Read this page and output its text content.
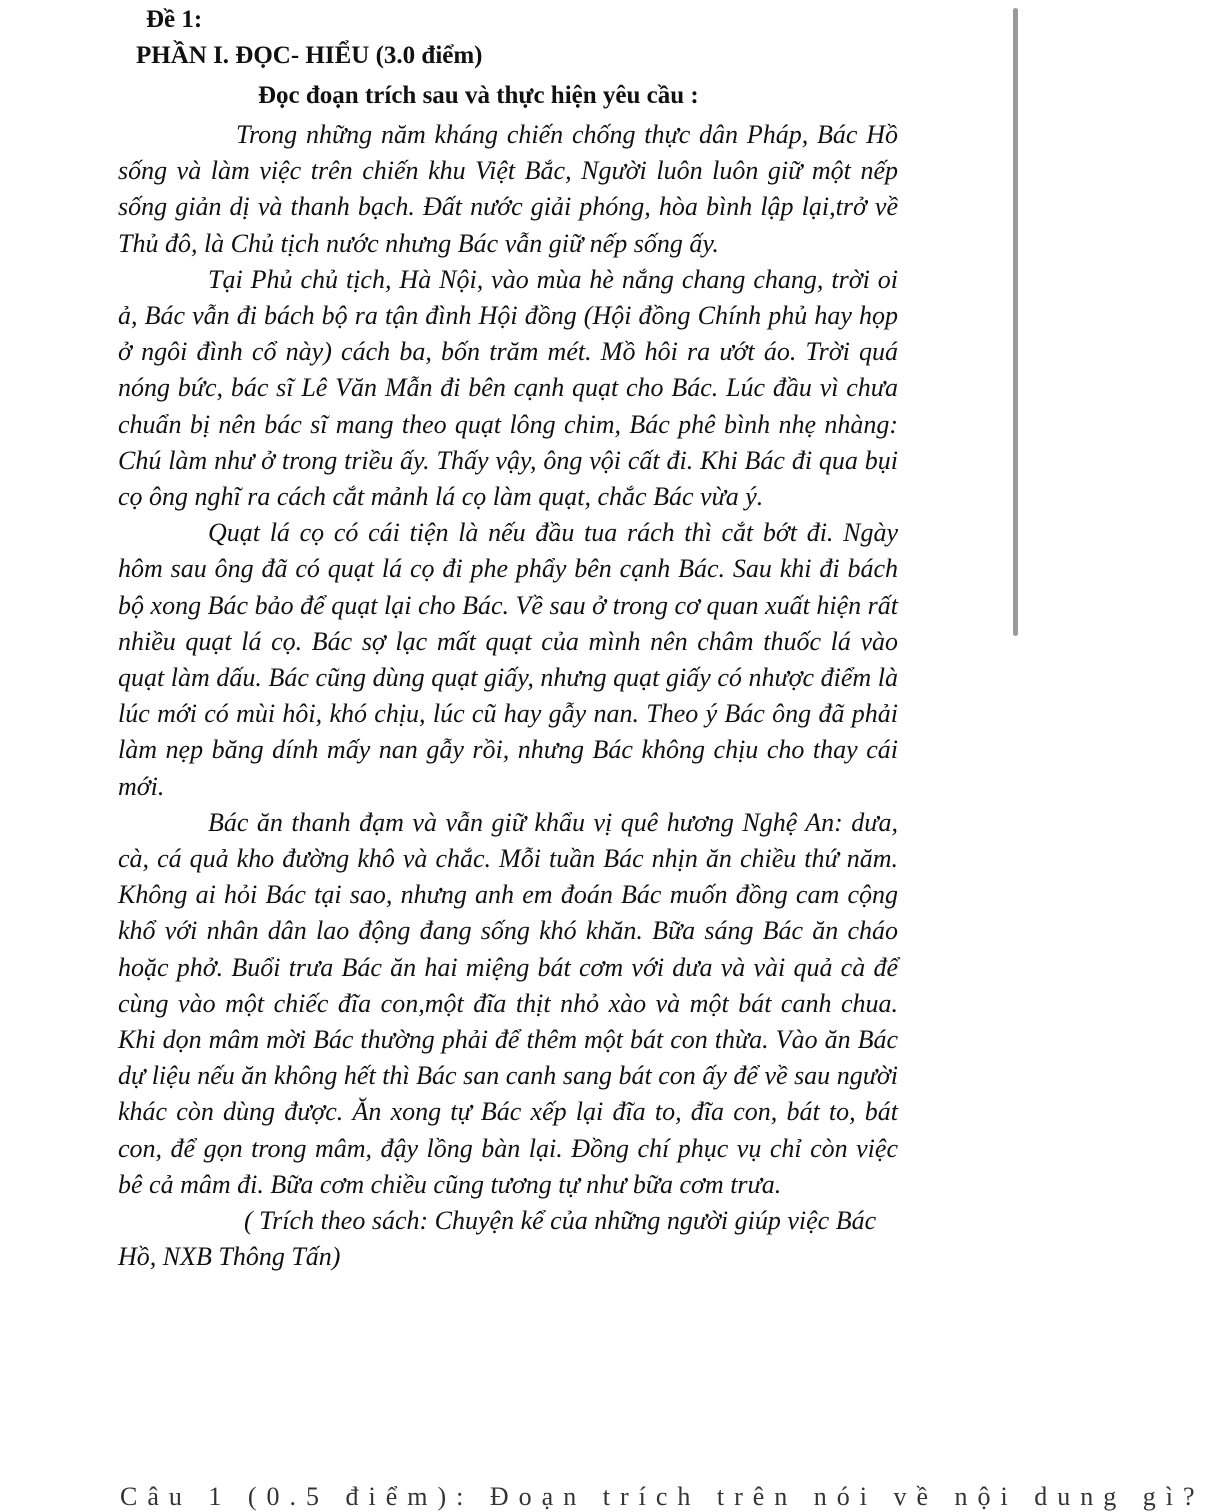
Đề 1:

PHẦN I. ĐỌC- HIỂU (3.0 điểm)

Đọc đoạn trích sau và thực hiện yêu cầu :

Trong những năm kháng chiến chống thực dân Pháp, Bác Hồ sống và làm việc trên chiến khu Việt Bắc, Người luôn luôn giữ một nếp sống giản dị và thanh bạch. Đất nước giải phóng, hòa bình lập lại,trở về Thủ đô, là Chủ tịch nước nhưng Bác vẫn giữ nếp sống ấy.

Tại Phủ chủ tịch, Hà Nội, vào mùa hè nắng chang chang, trời oi ả, Bác vẫn đi bách bộ ra tận đình Hội đồng (Hội đồng Chính phủ hay họp ở ngôi đình cổ này) cách ba, bốn trăm mét. Mồ hôi ra ướt áo. Trời quá nóng bức, bác sĩ Lê Văn Mẫn đi bên cạnh quạt cho Bác. Lúc đầu vì chưa chuẩn bị nên bác sĩ mang theo quạt lông chim, Bác phê bình nhẹ nhàng: Chú làm như ở trong triều ấy. Thấy vậy, ông vội cất đi. Khi Bác đi qua bụi cọ ông nghĩ ra cách cắt mảnh lá cọ làm quạt, chắc Bác vừa ý.

Quạt lá cọ có cái tiện là nếu đầu tua rách thì cắt bớt đi. Ngày hôm sau ông đã có quạt lá cọ đi phe phẩy bên cạnh Bác. Sau khi đi bách bộ xong Bác bảo để quạt lại cho Bác. Về sau ở trong cơ quan xuất hiện rất nhiều quạt lá cọ. Bác sợ lạc mất quạt của mình nên châm thuốc lá vào quạt làm dấu. Bác cũng dùng quạt giấy, nhưng quạt giấy có nhược điểm là lúc mới có mùi hôi, khó chịu, lúc cũ hay gẫy nan. Theo ý Bác ông đã phải làm nẹp băng dính mấy nan gẫy rồi, nhưng Bác không chịu cho thay cái mới.

Bác ăn thanh đạm và vẫn giữ khẩu vị quê hương Nghệ An: dưa, cà, cá quả kho đường khô và chắc. Mỗi tuần Bác nhịn ăn chiều thứ năm. Không ai hỏi Bác tại sao, nhưng anh em đoán Bác muốn đồng cam cộng khổ với nhân dân lao động đang sống khó khăn. Bữa sáng Bác ăn cháo hoặc phở. Buổi trưa Bác ăn hai miệng bát cơm với dưa và vài quả cà để cùng vào một chiếc đĩa con,một đĩa thịt nhỏ xào và một bát canh chua. Khi dọn mâm mời Bác thường phải để thêm một bát con thừa. Vào ăn Bác dự liệu nếu ăn không hết thì Bác san canh sang bát con ấy để về sau người khác còn dùng được. Ăn xong tự Bác xếp lại đĩa to, đĩa con, bát to, bát con, để gọn trong mâm, đậy lồng bàn lại. Đồng chí phục vụ chỉ còn việc bê cả mâm đi. Bữa cơm chiều cũng tương tự như bữa cơm trưa.

( Trích theo sách: Chuyện kể của những người giúp việc Bác Hồ, NXB Thông Tấn)

Câu 1 (0.5 điểm): Đoạn trích trên nói về nội dung gì?
